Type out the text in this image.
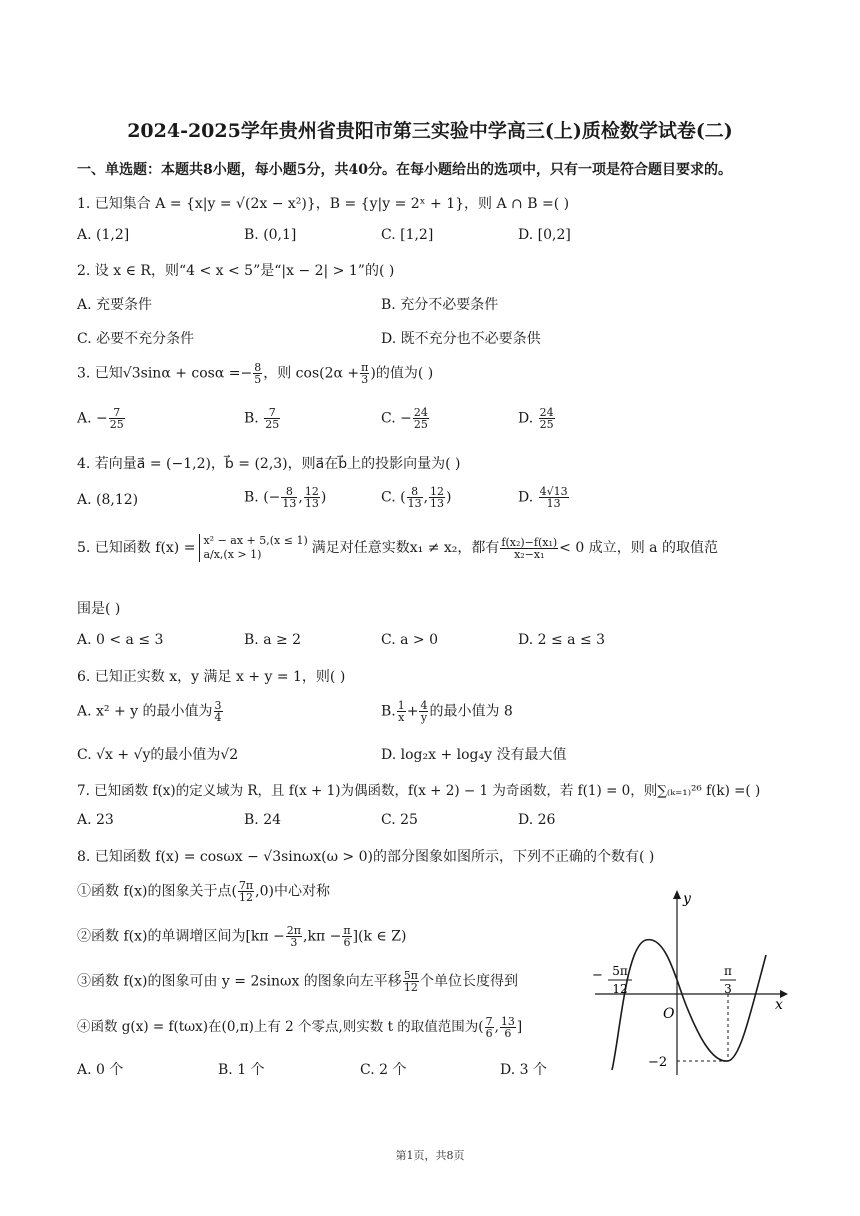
2024-2025学年贵州省贵阳市第三实验中学高三(上)质检数学试卷(二)
一、单选题：本题共8小题，每小题5分，共40分。在每小题给出的选项中，只有一项是符合题目要求的。
1. 已知集合 A = {x|y = √(2x − x²)}，B = {y|y = 2ˣ + 1}，则 A ∩ B =( )
A. (1,2]	B. (0,1]	C. [1,2]	D. [0,2]
2. 设 x ∈ R，则“4 < x < 5”是“|x − 2| > 1”的( )
A. 充要条件	B. 充分不必要条件
C. 必要不充分条件	D. 既不充分也不必要条供
3. 已知$√3\sin\alpha + \cos\alpha =- \frac{8}{5}$ ，则 $\cos(2\alpha + \frac{\pi}{3}$ )的值为( )
A. − $\frac{7}{25}$	B. $\frac{7}{25}$	C. − $\frac{24}{25}$	D. $\frac{24}{25}$
4. 若向量a⃗ = (−1,2)，b⃗ = (2,3)，则a⃗在b⃗上的投影向量为( )
A. (8,12)	B. (− $\frac{8}{13}$ , $\frac{12}{13}$ )	C. ( $\frac{8}{13}$ , $\frac{12}{13}$ )	D. $\frac{4√13}{13}$
5. 已知函数 f(x) = x² − ax + 5,(x ≤ 1)
a/x,(x > 1)	满足对任意实数x₁ ≠ x₂，都有 $\frac{\text{f(x₂)−f(x₁)}}{\text{x₂−x₁}} < 0$ 成立，则 a 的取值范
围是( )
A. 0 < a ≤ 3	B. a ≥ 2	C. a > 0	D. 2 ≤ a ≤ 3
6. 已知正实数 x，y 满足 x + y = 1，则( )
A. x² + y 的最小值为 $\frac{3}{4}$	B. $\frac{1}{x} + \frac{4}{y}$ 的最小值为 8
C. √x + √y的最小值为√2	D. log₂x + log₄y 没有最大值
7. 已知函数 f(x)的定义域为 R，且 f(x + 1)为偶函数，f(x + 2) − 1 为奇函数，若 f(1) = 0，则∑₍ₖ₌₁₎²⁶ f(k) =( )
A. 23	B. 24	C. 25	D. 26
8. 已知函数 f(x) = cosωx − √3sinωx(ω > 0)的部分图象如图所示，下列不正确的个数有( )
①函数 f(x)的图象关于点( $\frac{7\pi}{12} ,0$)中心对称
②函数 f(x)的单调增区间为$[k\pi - \frac{2\pi}{3} ,k\pi - \frac{\pi}{6} ](k$ ∈ Z)
③函数 f(x)的图象可由 y = 2sinωx 的图象向左平移 $\frac{5\pi}{12}$ 个单位长度得到
④函数 g(x) = f(tωx)在(0,π)上有 2 个零点,则实数 t 的取值范围为( $\frac{7}{6}$ , $\frac{13}{6}$ ]
A. 0 个	B. 1 个	C. 2 个	D. 3 个
y
x
O
− 5π
12
π
3
−2
第1页，共8页
